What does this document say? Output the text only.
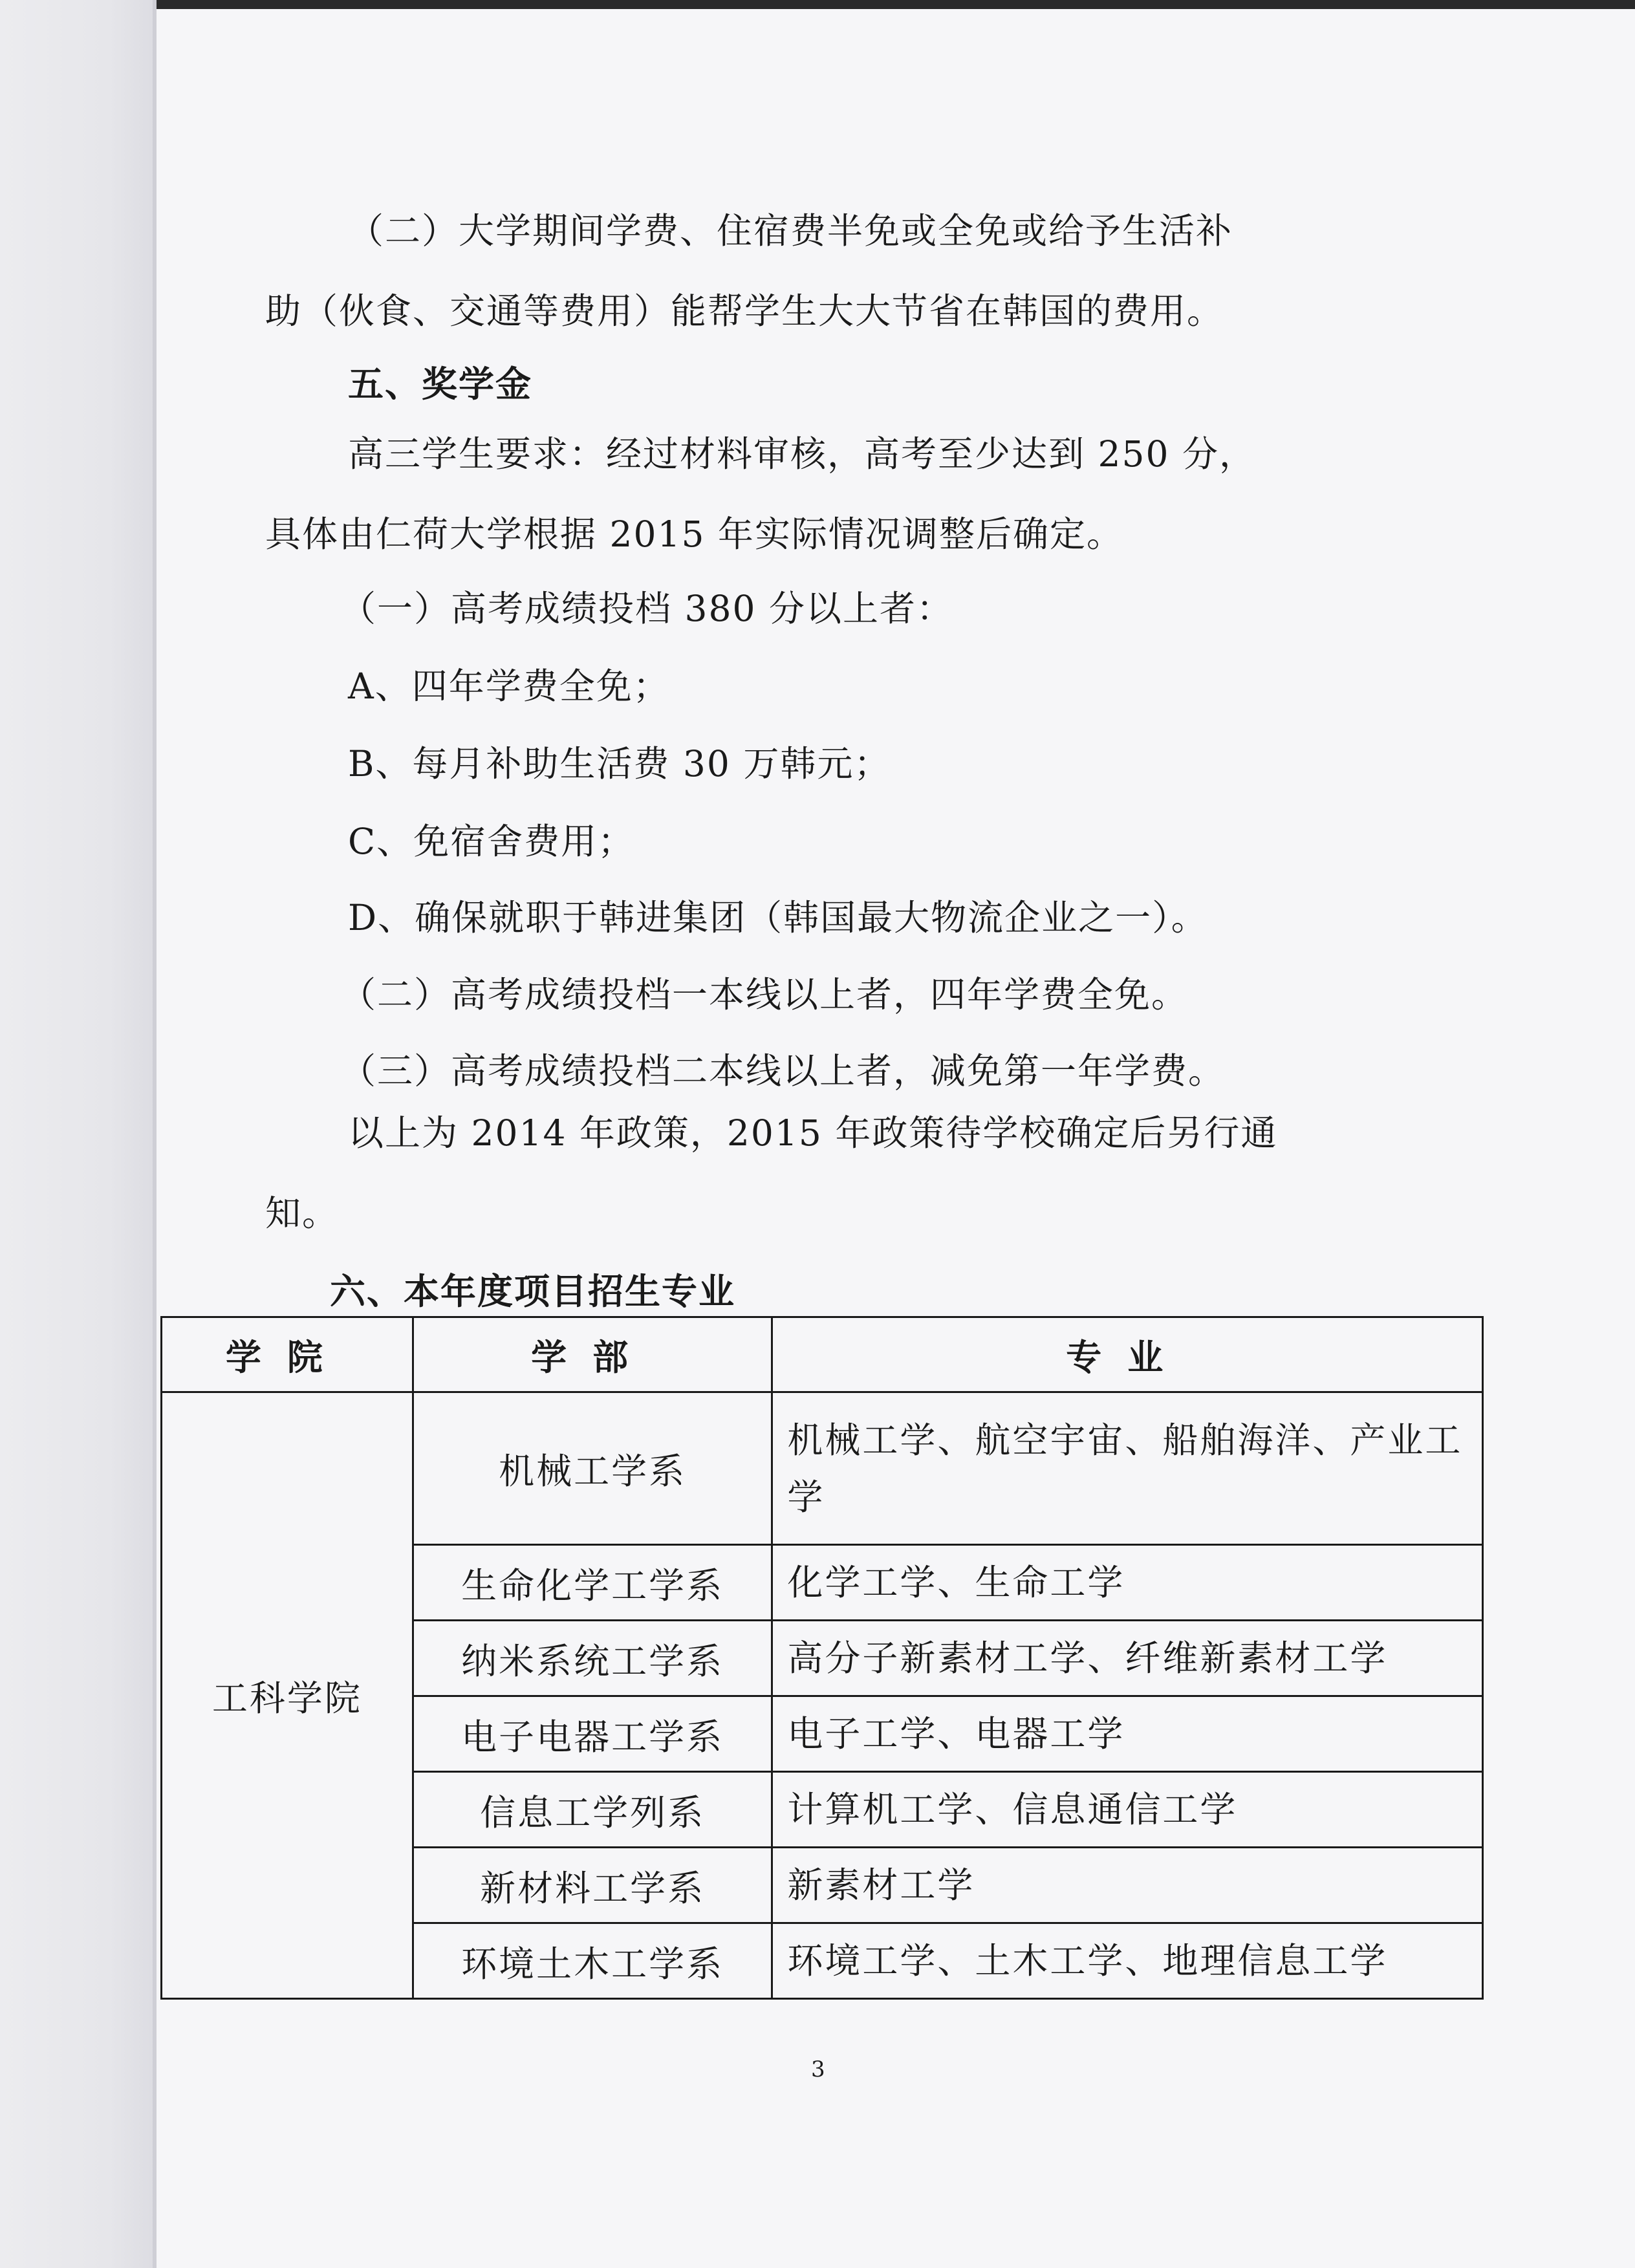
（二）大学期间学费、住宿费半免或全免或给予生活补
助（伙食、交通等费用）能帮学生大大节省在韩国的费用。

五、奖学金

高三学生要求：经过材料审核，高考至少达到 250 分，
具体由仁荷大学根据 2015 年实际情况调整后确定。

（一）高考成绩投档 380 分以上者：

A、四年学费全免；

B、每月补助生活费 30 万韩元；

C、免宿舍费用；

D、确保就职于韩进集团（韩国最大物流企业之一）。

（二）高考成绩投档一本线以上者，四年学费全免。

（三）高考成绩投档二本线以上者，减免第一年学费。

以上为 2014 年政策，2015 年政策待学校确定后另行通
知。

六、本年度项目招生专业

学院	学部	专业
工科学院	机械工学系	机械工学、航空宇宙、船舶海洋、产业工学
	生命化学工学系	化学工学、生命工学
	纳米系统工学系	高分子新素材工学、纤维新素材工学
	电子电器工学系	电子工学、电器工学
	信息工学列系	计算机工学、信息通信工学
	新材料工学系	新素材工学
	环境土木工学系	环境工学、土木工学、地理信息工学
3
